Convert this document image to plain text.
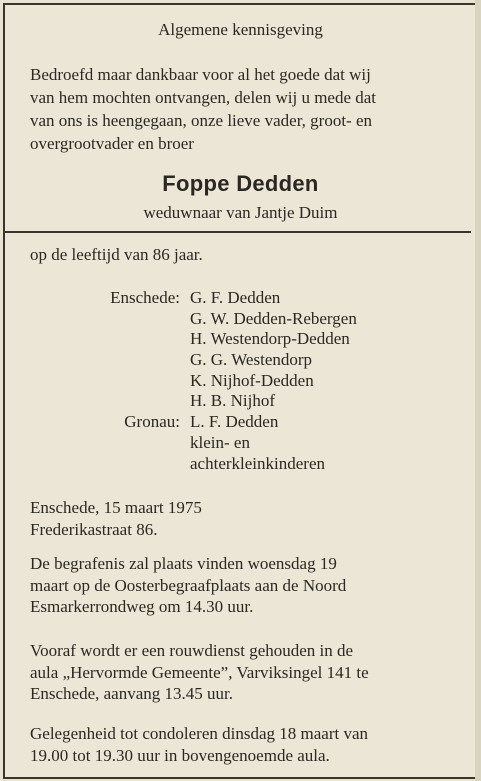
Algemene kennisgeving
Bedroefd maar dankbaar voor al het goede dat wij
van hem mochten ontvangen, delen wij u mede dat
van ons is heengegaan, onze lieve vader, groot- en
overgrootvader en broer
Foppe Dedden
weduwnaar van Jantje Duim
op de leeftijd van 86 jaar.
Enschede:
Gronau:
G. F. Dedden
G. W. Dedden-Rebergen
H. Westendorp-Dedden
G. G. Westendorp
K. Nijhof-Dedden
H. B. Nijhof
L. F. Dedden
klein- en
achterkleinkinderen
Enschede, 15 maart 1975
Frederikastraat 86.
De begrafenis zal plaats vinden woensdag 19
maart op de Oosterbegraafplaats aan de Noord
Esmarkerrondweg om 14.30 uur.
Vooraf wordt er een rouwdienst gehouden in de
aula „Hervormde Gemeente”, Varviksingel 141 te
Enschede, aanvang 13.45 uur.
Gelegenheid tot condoleren dinsdag 18 maart van
19.00 tot 19.30 uur in bovengenoemde aula.
